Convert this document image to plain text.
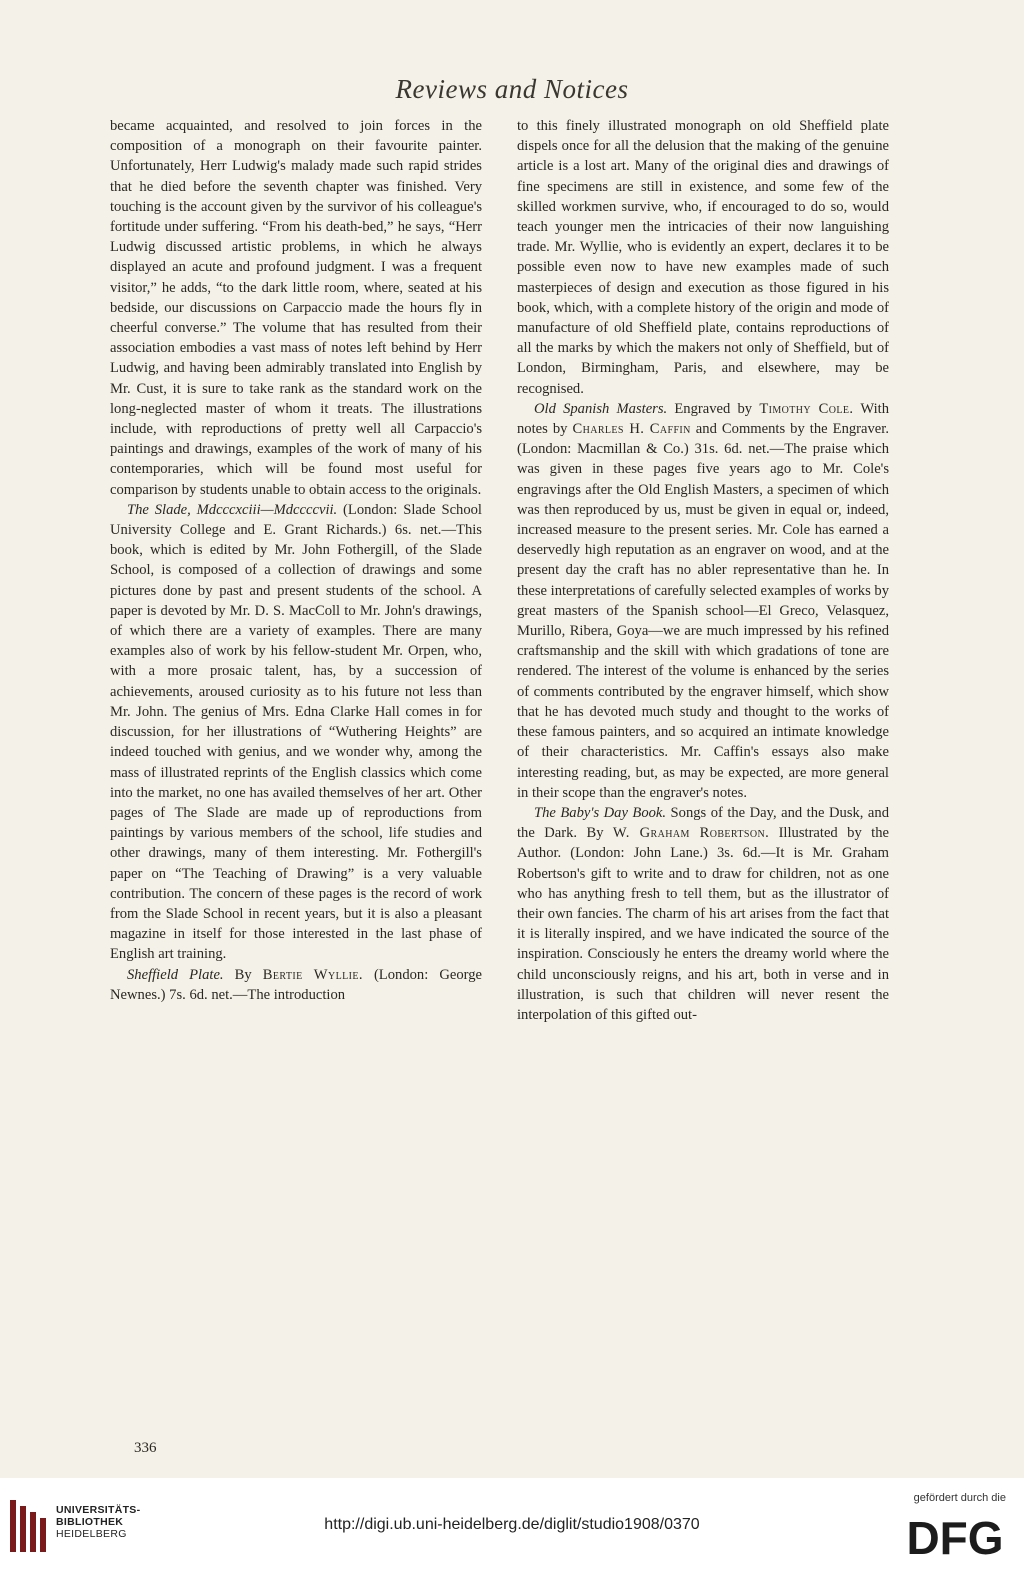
Reviews and Notices

became acquainted, and resolved to join forces in the composition of a monograph on their favourite painter. Unfortunately, Herr Ludwig's malady made such rapid strides that he died before the seventh chapter was finished. Very touching is the account given by the survivor of his colleague's fortitude under suffering. “From his death-bed,” he says, “Herr Ludwig discussed artistic problems, in which he always displayed an acute and profound judgment. I was a frequent visitor,” he adds, “to the dark little room, where, seated at his bedside, our discussions on Carpaccio made the hours fly in cheerful converse.” The volume that has resulted from their association embodies a vast mass of notes left behind by Herr Ludwig, and having been admirably translated into English by Mr. Cust, it is sure to take rank as the standard work on the long-neglected master of whom it treats. The illustrations include, with reproductions of pretty well all Carpaccio's paintings and drawings, examples of the work of many of his contemporaries, which will be found most useful for comparison by students unable to obtain access to the originals.

The Slade, Mdcccxciii—Mdccccvii. (London: Slade School University College and E. Grant Richards.) 6s. net.—This book, which is edited by Mr. John Fothergill, of the Slade School, is composed of a collection of drawings and some pictures done by past and present students of the school. A paper is devoted by Mr. D. S. MacColl to Mr. John's drawings, of which there are a variety of examples. There are many examples also of work by his fellow-student Mr. Orpen, who, with a more prosaic talent, has, by a succession of achievements, aroused curiosity as to his future not less than Mr. John. The genius of Mrs. Edna Clarke Hall comes in for discussion, for her illustrations of “Wuthering Heights” are indeed touched with genius, and we wonder why, among the mass of illustrated reprints of the English classics which come into the market, no one has availed themselves of her art. Other pages of The Slade are made up of reproductions from paintings by various members of the school, life studies and other drawings, many of them interesting. Mr. Fothergill's paper on “The Teaching of Drawing” is a very valuable contribution. The concern of these pages is the record of work from the Slade School in recent years, but it is also a pleasant magazine in itself for those interested in the last phase of English art training.

Sheffield Plate. By Bertie Wyllie. (London: George Newnes.) 7s. 6d. net.—The introduction

to this finely illustrated monograph on old Sheffield plate dispels once for all the delusion that the making of the genuine article is a lost art. Many of the original dies and drawings of fine specimens are still in existence, and some few of the skilled workmen survive, who, if encouraged to do so, would teach younger men the intricacies of their now languishing trade. Mr. Wyllie, who is evidently an expert, declares it to be possible even now to have new examples made of such masterpieces of design and execution as those figured in his book, which, with a complete history of the origin and mode of manufacture of old Sheffield plate, contains reproductions of all the marks by which the makers not only of Sheffield, but of London, Birmingham, Paris, and elsewhere, may be recognised.

Old Spanish Masters. Engraved by Timothy Cole. With notes by Charles H. Caffin and Comments by the Engraver. (London: Macmillan & Co.) 31s. 6d. net.—The praise which was given in these pages five years ago to Mr. Cole's engravings after the Old English Masters, a specimen of which was then reproduced by us, must be given in equal or, indeed, increased measure to the present series. Mr. Cole has earned a deservedly high reputation as an engraver on wood, and at the present day the craft has no abler representative than he. In these interpretations of carefully selected examples of works by great masters of the Spanish school—El Greco, Velasquez, Murillo, Ribera, Goya—we are much impressed by his refined craftsmanship and the skill with which gradations of tone are rendered. The interest of the volume is enhanced by the series of comments contributed by the engraver himself, which show that he has devoted much study and thought to the works of these famous painters, and so acquired an intimate knowledge of their characteristics. Mr. Caffin's essays also make interesting reading, but, as may be expected, are more general in their scope than the engraver's notes.

The Baby's Day Book. Songs of the Day, and the Dusk, and the Dark. By W. Graham Robertson. Illustrated by the Author. (London: John Lane.) 3s. 6d.—It is Mr. Graham Robertson's gift to write and to draw for children, not as one who has anything fresh to tell them, but as the illustrator of their own fancies. The charm of his art arises from the fact that it is literally inspired, and we have indicated the source of the inspiration. Consciously he enters the dreamy world where the child unconsciously reigns, and his art, both in verse and in illustration, is such that children will never resent the interpolation of this gifted out-

336
UNIVERSITÄTS-
BIBLIOTHEK
HEIDELBERG
http://digi.ub.uni-heidelberg.de/diglit/studio1908/0370
gefördert durch die
DFG
